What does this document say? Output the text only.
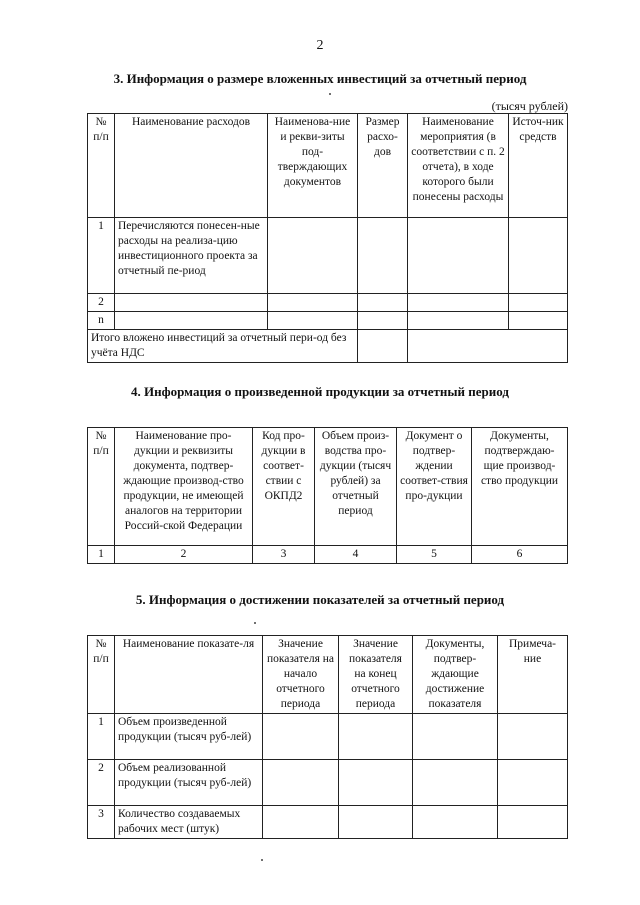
2
3. Информация о размере вложенных инвестиций за отчетный период
(тысяч рублей)
№ п/п	Наименование расходов	Наименова-ние и рекви-зиты под-тверждающих документов	Размер расхо-дов	Наименование мероприятия (в соответствии с п. 2 отчета), в ходе которого были понесены расходы	Источ-ник средств
1	Перечисляются понесен-ные расходы на реализа-цию инвестиционного проекта за отчетный пе-риод				
2					
n					
Итого вложено инвестиций за отчетный пери-од без учёта НДС					
4. Информация о произведенной продукции за отчетный период
№ п/п	Наименование про-дукции и реквизиты документа, подтвер-ждающие производ-ство продукции, не имеющей аналогов на территории Россий-ской Федерации	Код про-дукции в соответ-ствии с ОКПД2	Объем произ-водства про-дукции (тысяч рублей) за отчетный период	Документ о подтвер-ждении соответ-ствия про-дукции	Документы, подтверждаю-щие производ-ство продукции
1	2	3	4	5	6
5. Информация о достижении показателей за отчетный период
№ п/п	Наименование показате-ля	Значение показателя на начало отчетного периода	Значение показателя на конец отчетного периода	Документы, подтвер-ждающие достижение показателя	Примеча-ние
1	Объем произведенной продукции (тысяч руб-лей)				
2	Объем реализованной продукции (тысяч руб-лей)				
3	Количество создаваемых рабочих мест (штук)				
